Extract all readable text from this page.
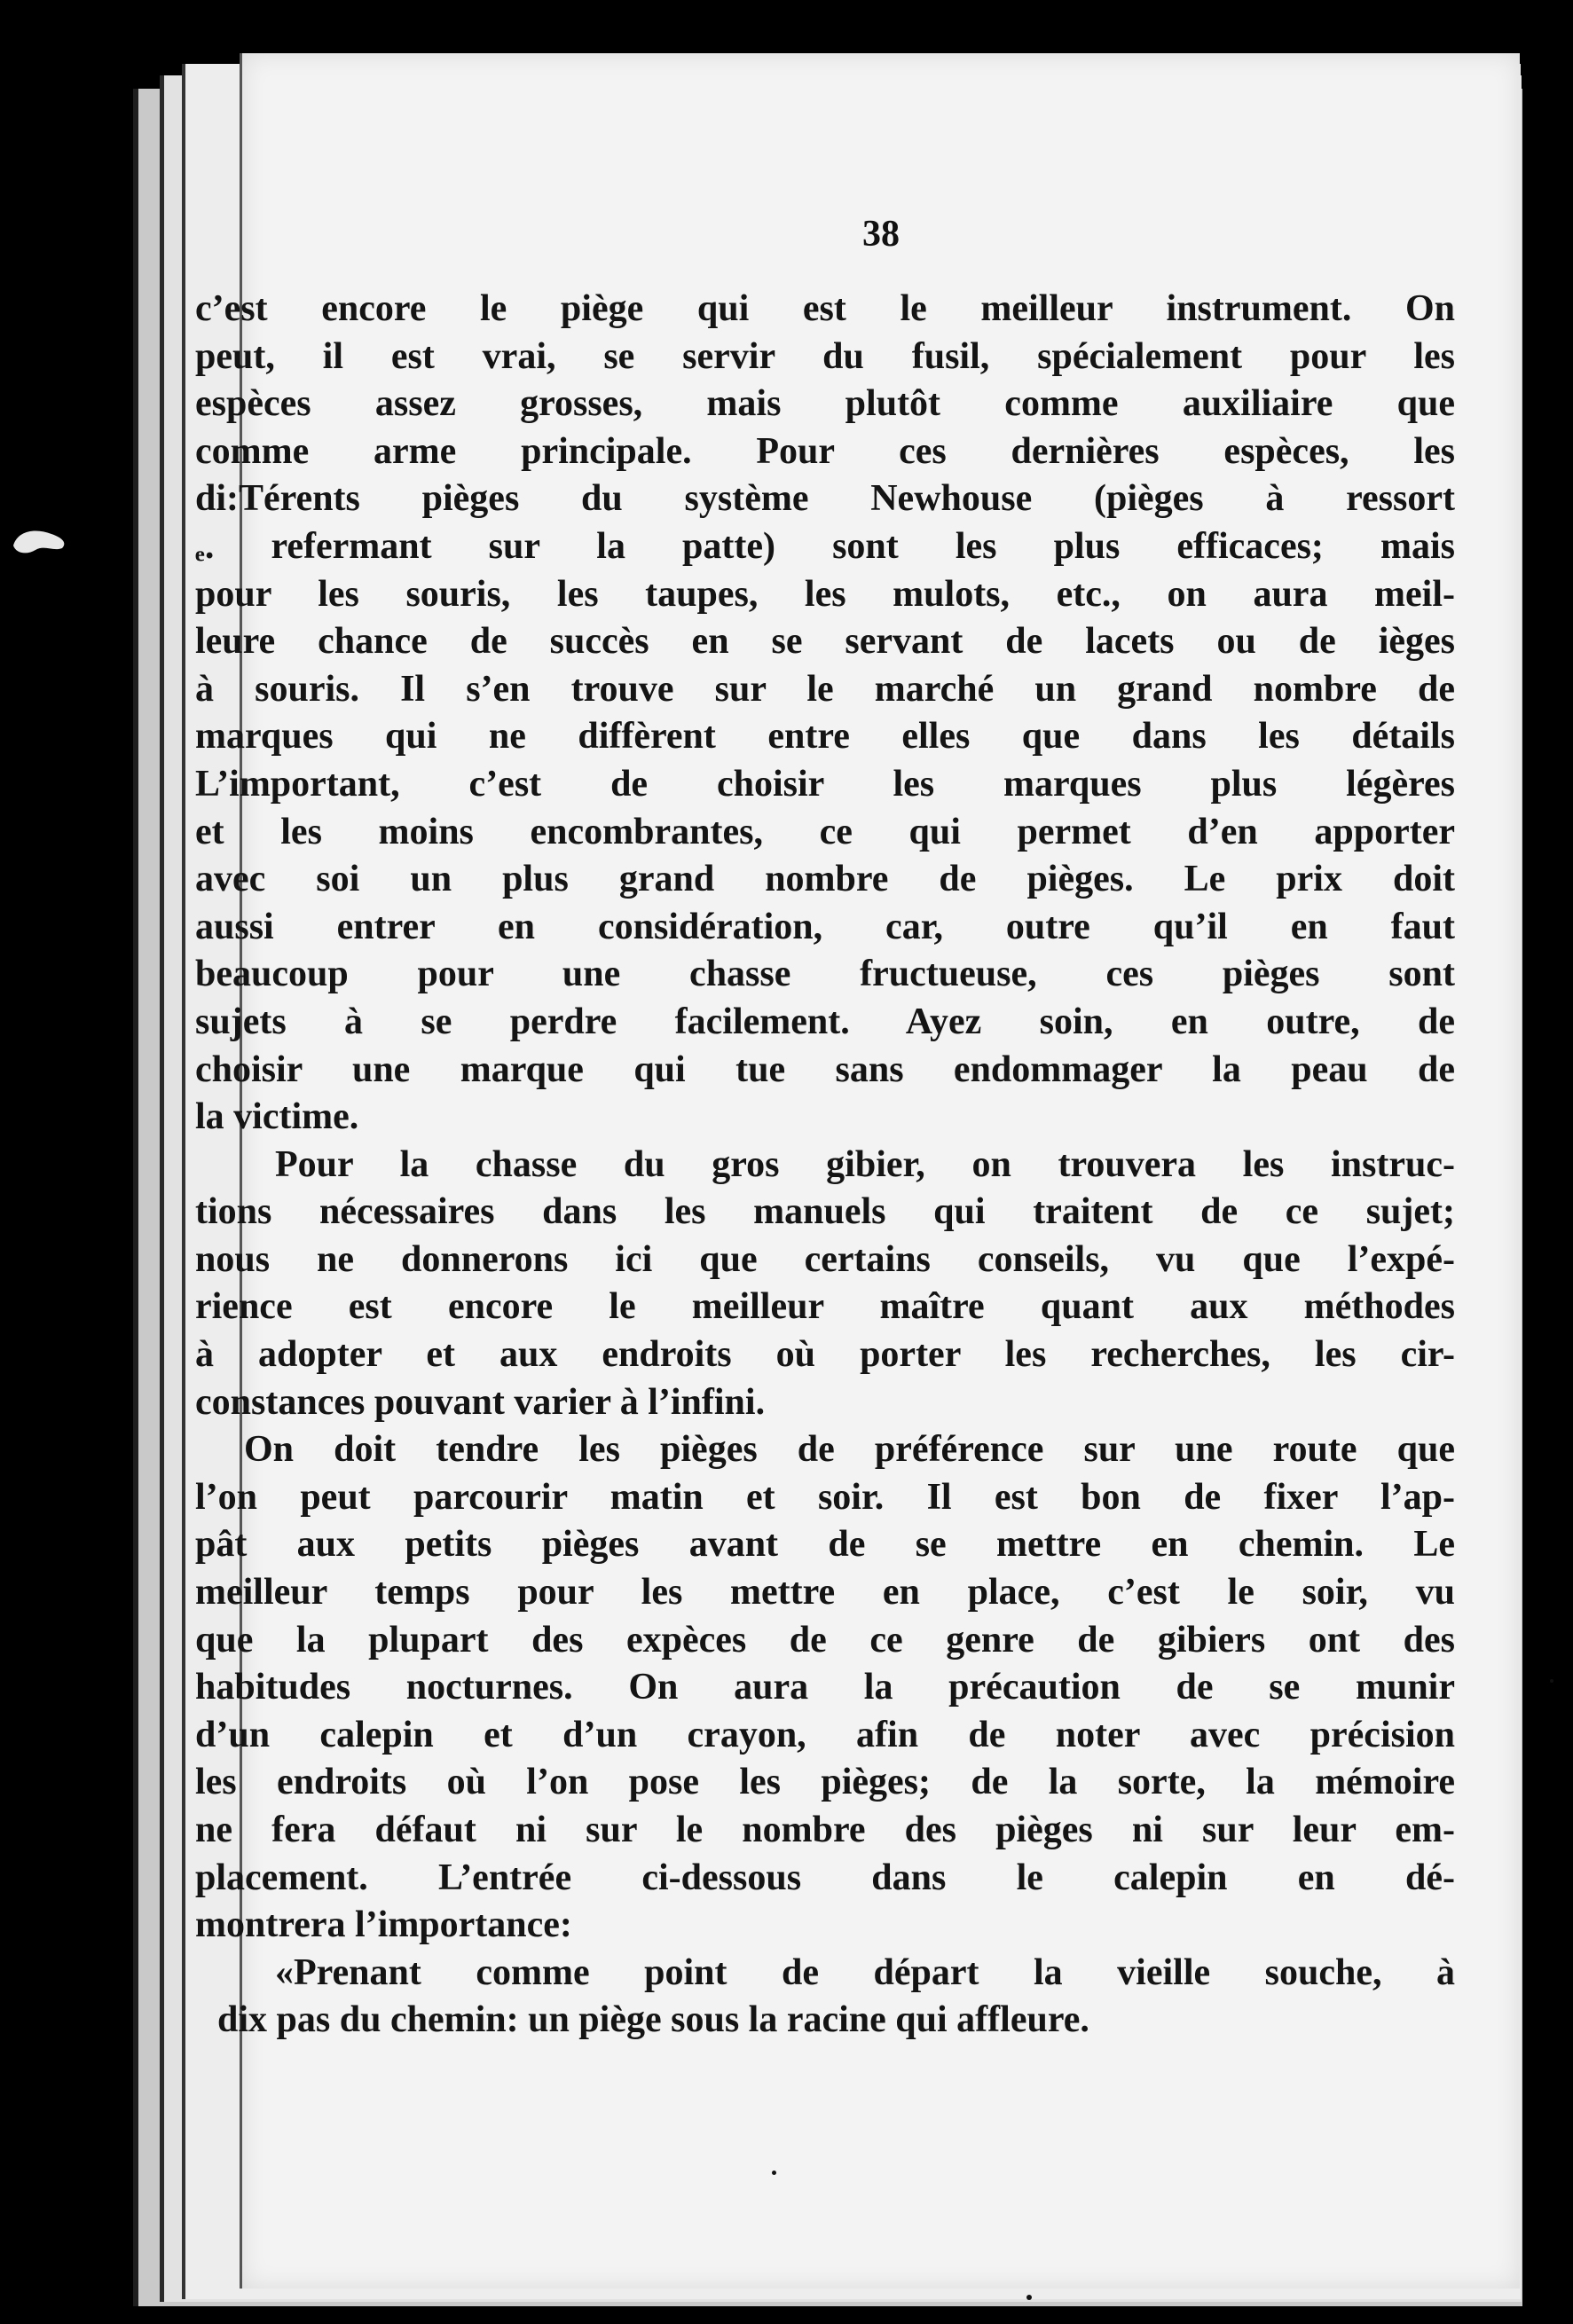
38
c’est encore le piège qui est le meilleur instrument. On
peut, il est vrai, se servir du fusil, spécialement pour les
espèces assez grosses, mais plutôt comme auxiliaire que
comme arme principale. Pour ces dernières espèces, les
di:Térents pièges du système Newhouse (pièges à ressort
ₑ. refermant sur la patte) sont les plus efficaces; mais
pour les souris, les taupes, les mulots, etc., on aura meil-
leure chance de succès en se servant de lacets ou de ièges
à souris. Il s’en trouve sur le marché un grand nombre de
marques qui ne diffèrent entre elles que dans les détails
L’important, c’est de choisir les marques plus légères
et les moins encombrantes, ce qui permet d’en apporter
avec soi un plus grand nombre de pièges. Le prix doit
aussi entrer en considération, car, outre qu’il en faut
beaucoup pour une chasse fructueuse, ces pièges sont
sujets à se perdre facilement. Ayez soin, en outre, de
choisir une marque qui tue sans endommager la peau de
la victime.
Pour la chasse du gros gibier, on trouvera les instruc-
tions nécessaires dans les manuels qui traitent de ce sujet;
nous ne donnerons ici que certains conseils, vu que l’expé-
rience est encore le meilleur maître quant aux méthodes
à adopter et aux endroits où porter les recherches, les cir-
constances pouvant varier à l’infini.
On doit tendre les pièges de préférence sur une route que
l’on peut parcourir matin et soir. Il est bon de fixer l’ap-
pât aux petits pièges avant de se mettre en chemin. Le
meilleur temps pour les mettre en place, c’est le soir, vu
que la plupart des expèces de ce genre de gibiers ont des
habitudes nocturnes. On aura la précaution de se munir
d’un calepin et d’un crayon, afin de noter avec précision
les endroits où l’on pose les pièges; de la sorte, la mémoire
ne fera défaut ni sur le nombre des pièges ni sur leur em-
placement. L’entrée ci-dessous dans le calepin en dé-
montrera l’importance:
«Prenant comme point de départ la vieille souche, à
dix pas du chemin: un piège sous la racine qui affleure.
